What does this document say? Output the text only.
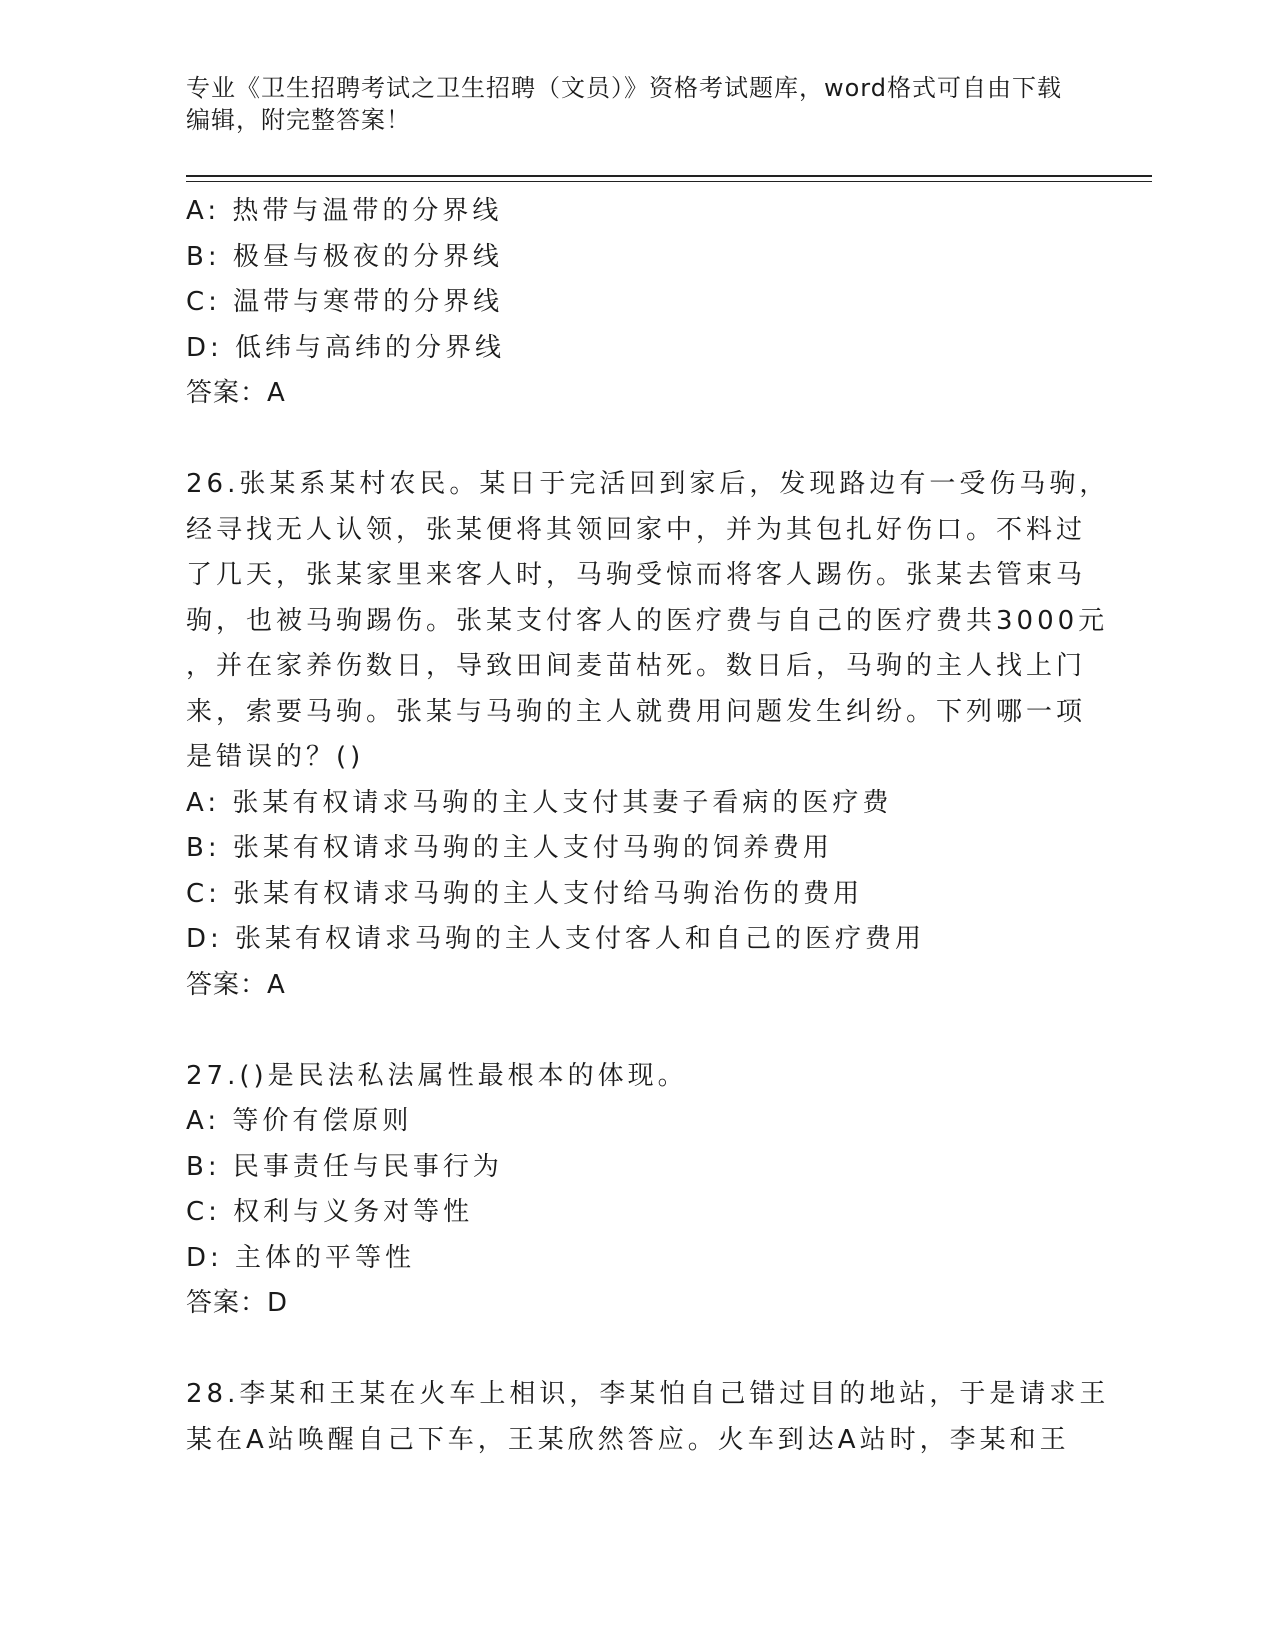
专业《卫生招聘考试之卫生招聘（文员）》资格考试题库，word格式可自由下载
编辑，附完整答案！
A: 热带与温带的分界线
B: 极昼与极夜的分界线
C: 温带与寒带的分界线
D: 低纬与高纬的分界线
答案：A
26.张某系某村农民。某日于完活回到家后，发现路边有一受伤马驹，
经寻找无人认领，张某便将其领回家中，并为其包扎好伤口。不料过
了几天，张某家里来客人时，马驹受惊而将客人踢伤。张某去管束马
驹，也被马驹踢伤。张某支付客人的医疗费与自己的医疗费共3000元
，并在家养伤数日，导致田间麦苗枯死。数日后，马驹的主人找上门
来，索要马驹。张某与马驹的主人就费用问题发生纠纷。下列哪一项
是错误的？()
A: 张某有权请求马驹的主人支付其妻子看病的医疗费
B: 张某有权请求马驹的主人支付马驹的饲养费用
C: 张某有权请求马驹的主人支付给马驹治伤的费用
D: 张某有权请求马驹的主人支付客人和自己的医疗费用
答案：A
27.()是民法私法属性最根本的体现。
A: 等价有偿原则
B: 民事责任与民事行为
C: 权利与义务对等性
D: 主体的平等性
答案：D
28.李某和王某在火车上相识，李某怕自己错过目的地站，于是请求王
某在A站唤醒自己下车，王某欣然答应。火车到达A站时，李某和王
